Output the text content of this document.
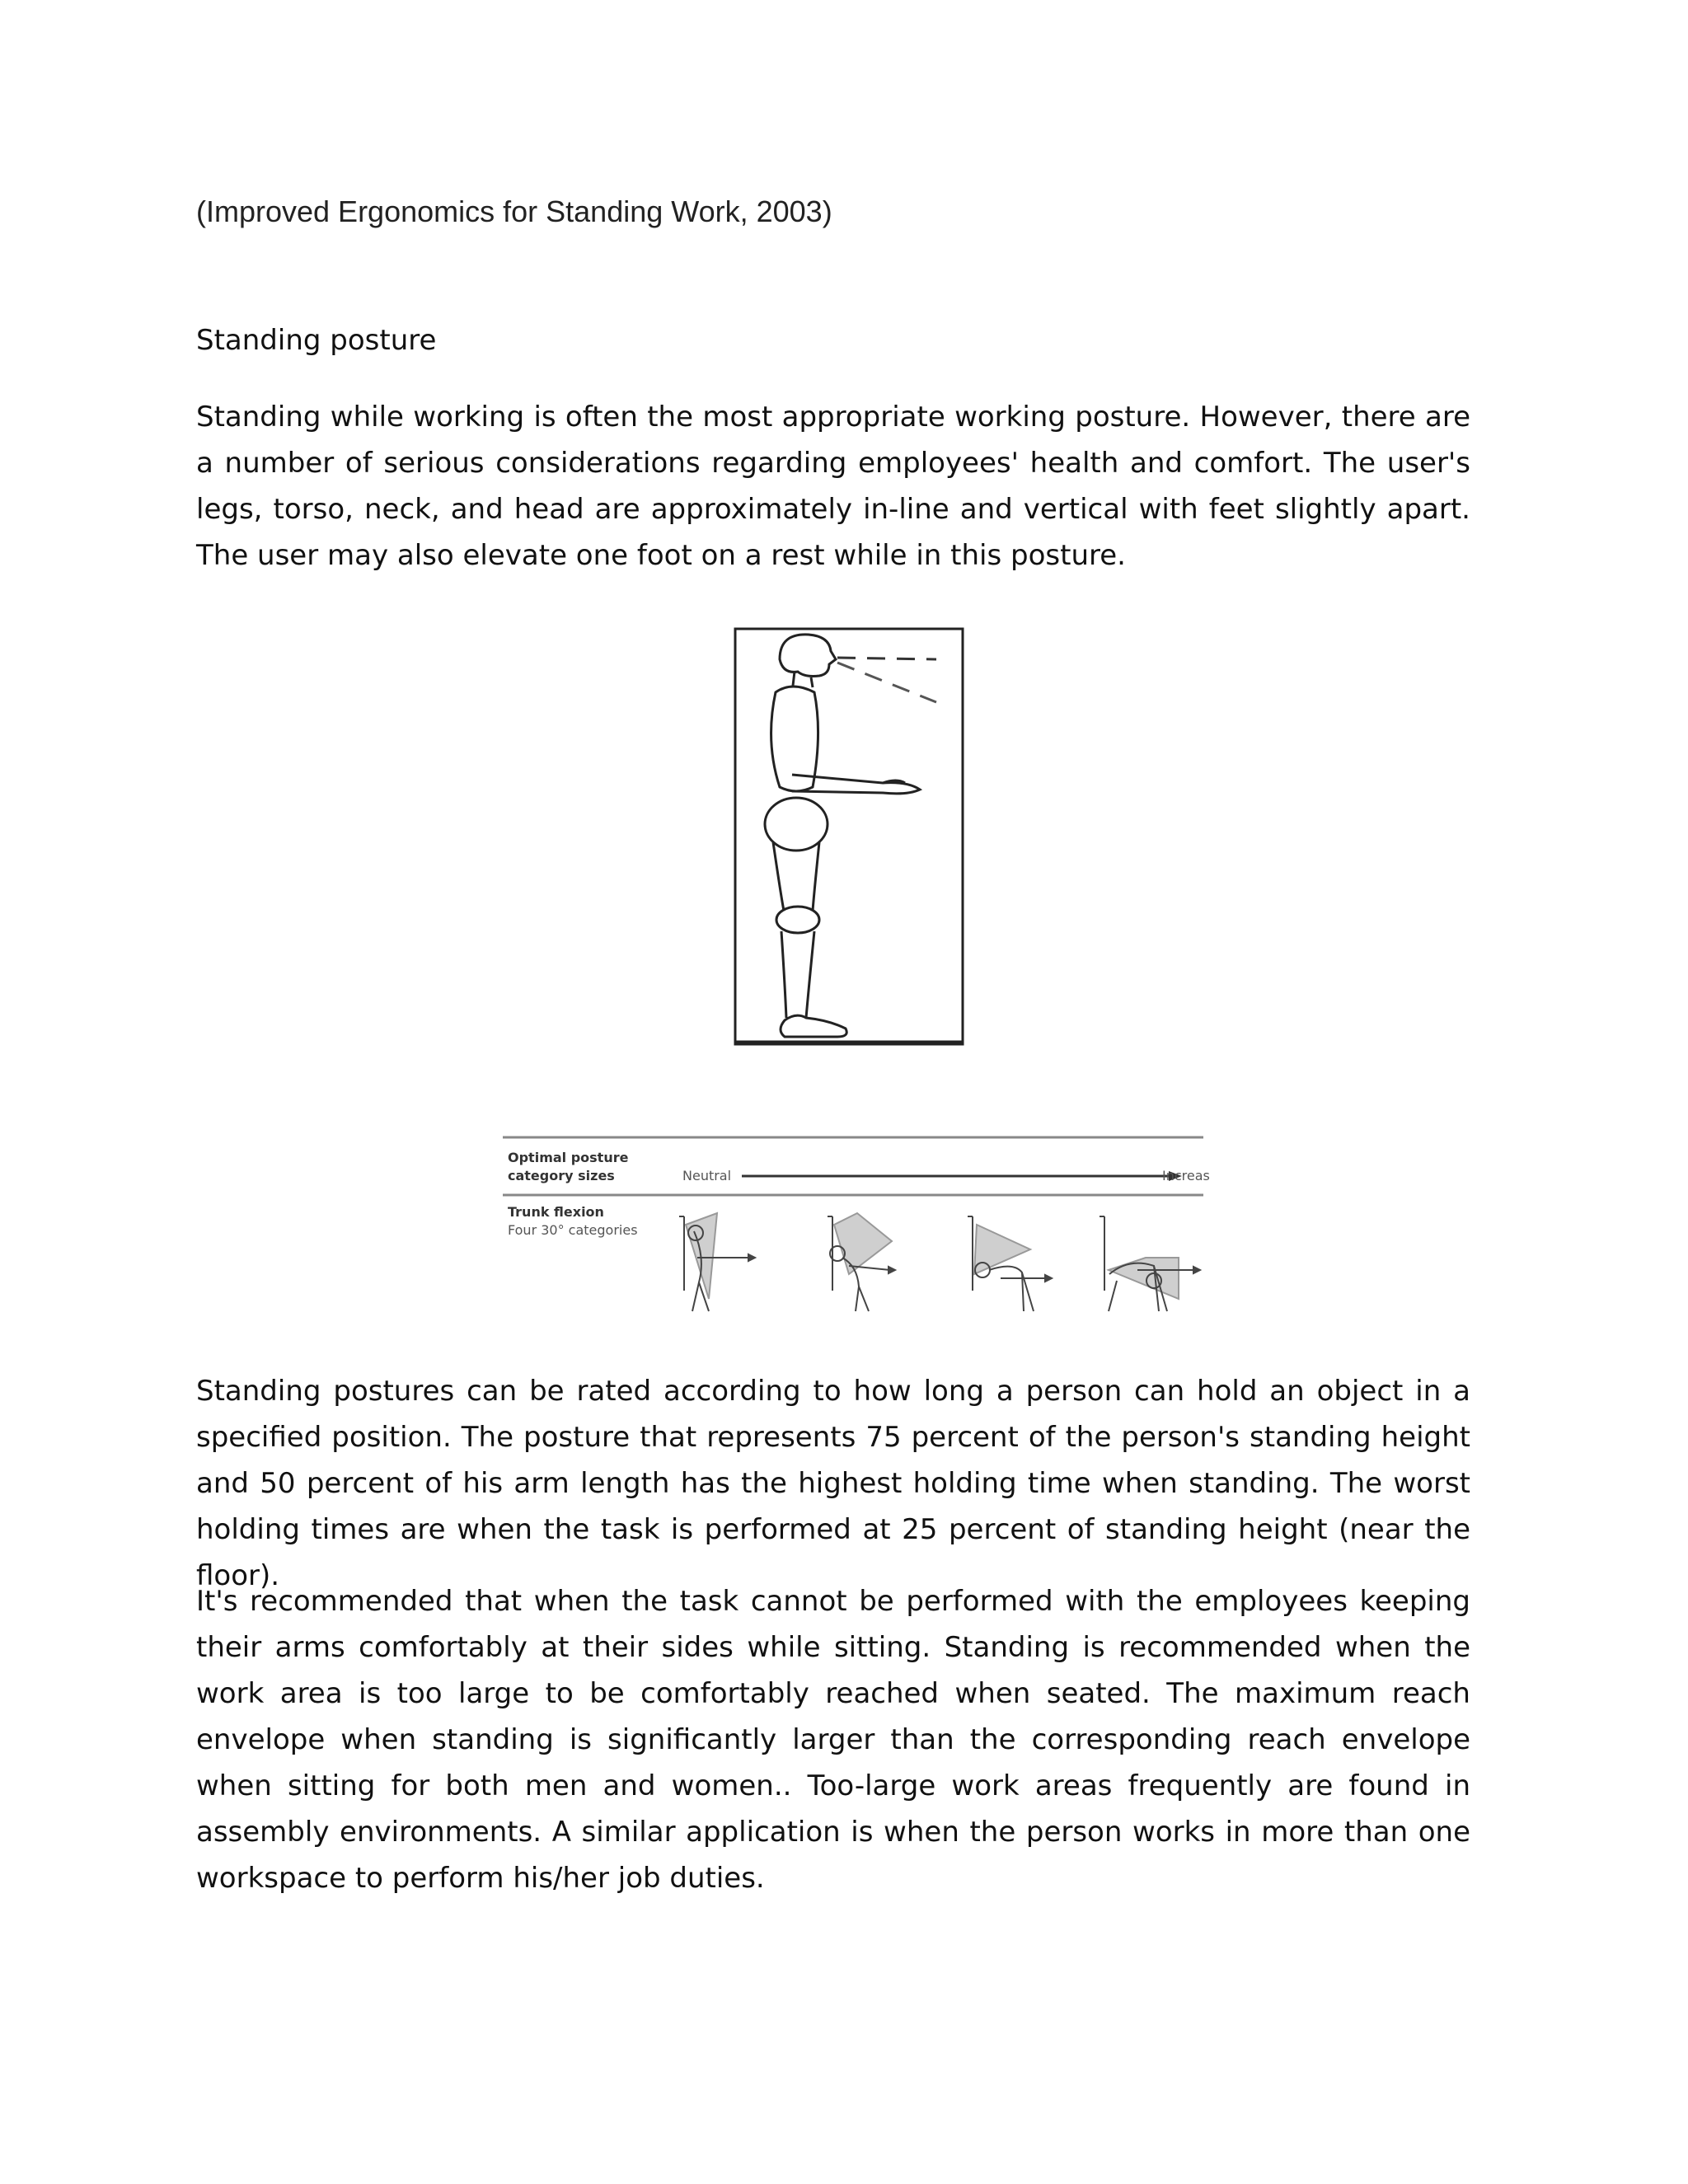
(Improved Ergonomics for Standing Work, 2003)
Standing posture

Standing while working is often the most appropriate working posture. However, there are a number of serious considerations regarding employees' health and comfort. The user's legs, torso, neck, and head are approximately in-line and vertical with feet slightly apart. The user may also elevate one foot on a rest while in this posture.

Optimal posture
category sizes	Neutral	Increas
Trunk flexion
Four 30° categories

Standing postures can be rated according to how long a person can hold an object in a specified position. The posture that represents 75 percent of the person's standing height and 50 percent of his arm length has the highest holding time when standing. The worst holding times are when the task is performed at 25 percent of standing height (near the floor).

It's recommended that when the task cannot be performed with the employees keeping their arms comfortably at their sides while sitting. Standing is recommended when the work area is too large to be comfortably reached when seated. The maximum reach envelope when standing is significantly larger than the corresponding reach envelope when sitting for both men and women.. Too-large work areas frequently are found in assembly environments. A similar application is when the person works in more than one workspace to perform his/her job duties.
